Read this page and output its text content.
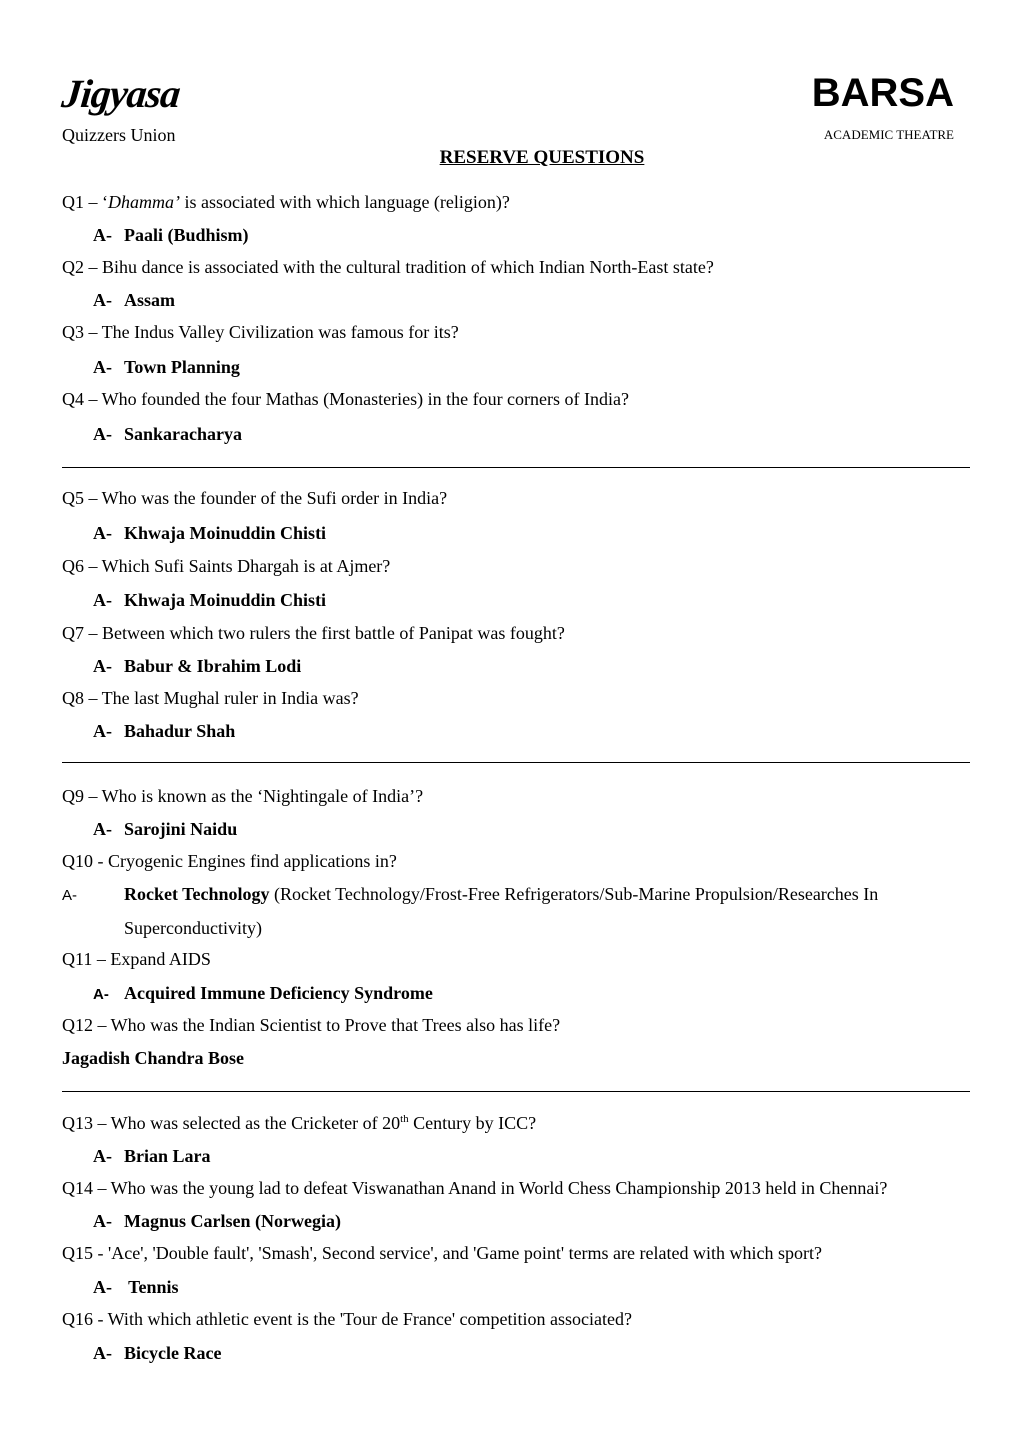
Jigyasa
Quizzers Union
BARSA
ACADEMIC THEATRE
RESERVE QUESTIONS
Q1 – ‘Dhamma’ is associated with which language (religion)?
A- Paali (Budhism)
Q2 – Bihu dance is associated with the cultural tradition of which Indian North-East state?
A- Assam
Q3 – The Indus Valley Civilization was famous for its?
A- Town Planning
Q4 – Who founded the four Mathas (Monasteries) in the four corners of India?
A- Sankaracharya
Q5 – Who was the founder of the Sufi order in India?
A- Khwaja Moinuddin Chisti
Q6 – Which Sufi Saints Dhargah is at Ajmer?
A- Khwaja Moinuddin Chisti
Q7 – Between which two rulers the first battle of Panipat was fought?
A- Babur & Ibrahim Lodi
Q8 – The last Mughal ruler in India was?
A- Bahadur Shah
Q9 – Who is known as the ‘Nightingale of India’?
A- Sarojini Naidu
Q10 - Cryogenic Engines find applications in?
A-	Rocket Technology (Rocket Technology/Frost-Free Refrigerators/Sub-Marine Propulsion/Researches In Superconductivity)
Q11 – Expand AIDS
A- Acquired Immune Deficiency Syndrome
Q12 – Who was the Indian Scientist to Prove that Trees also has life?
Jagadish Chandra Bose
Q13 – Who was selected as the Cricketer of 20th Century by ICC?
A- Brian Lara
Q14 – Who was the young lad to defeat Viswanathan Anand in World Chess Championship 2013 held in Chennai?
A- Magnus Carlsen (Norwegia)
Q15 - 'Ace', 'Double fault', 'Smash', Second service', and 'Game point' terms are related with which sport?
A- Tennis
Q16 - With which athletic event is the 'Tour de France' competition associated?
A- Bicycle Race
